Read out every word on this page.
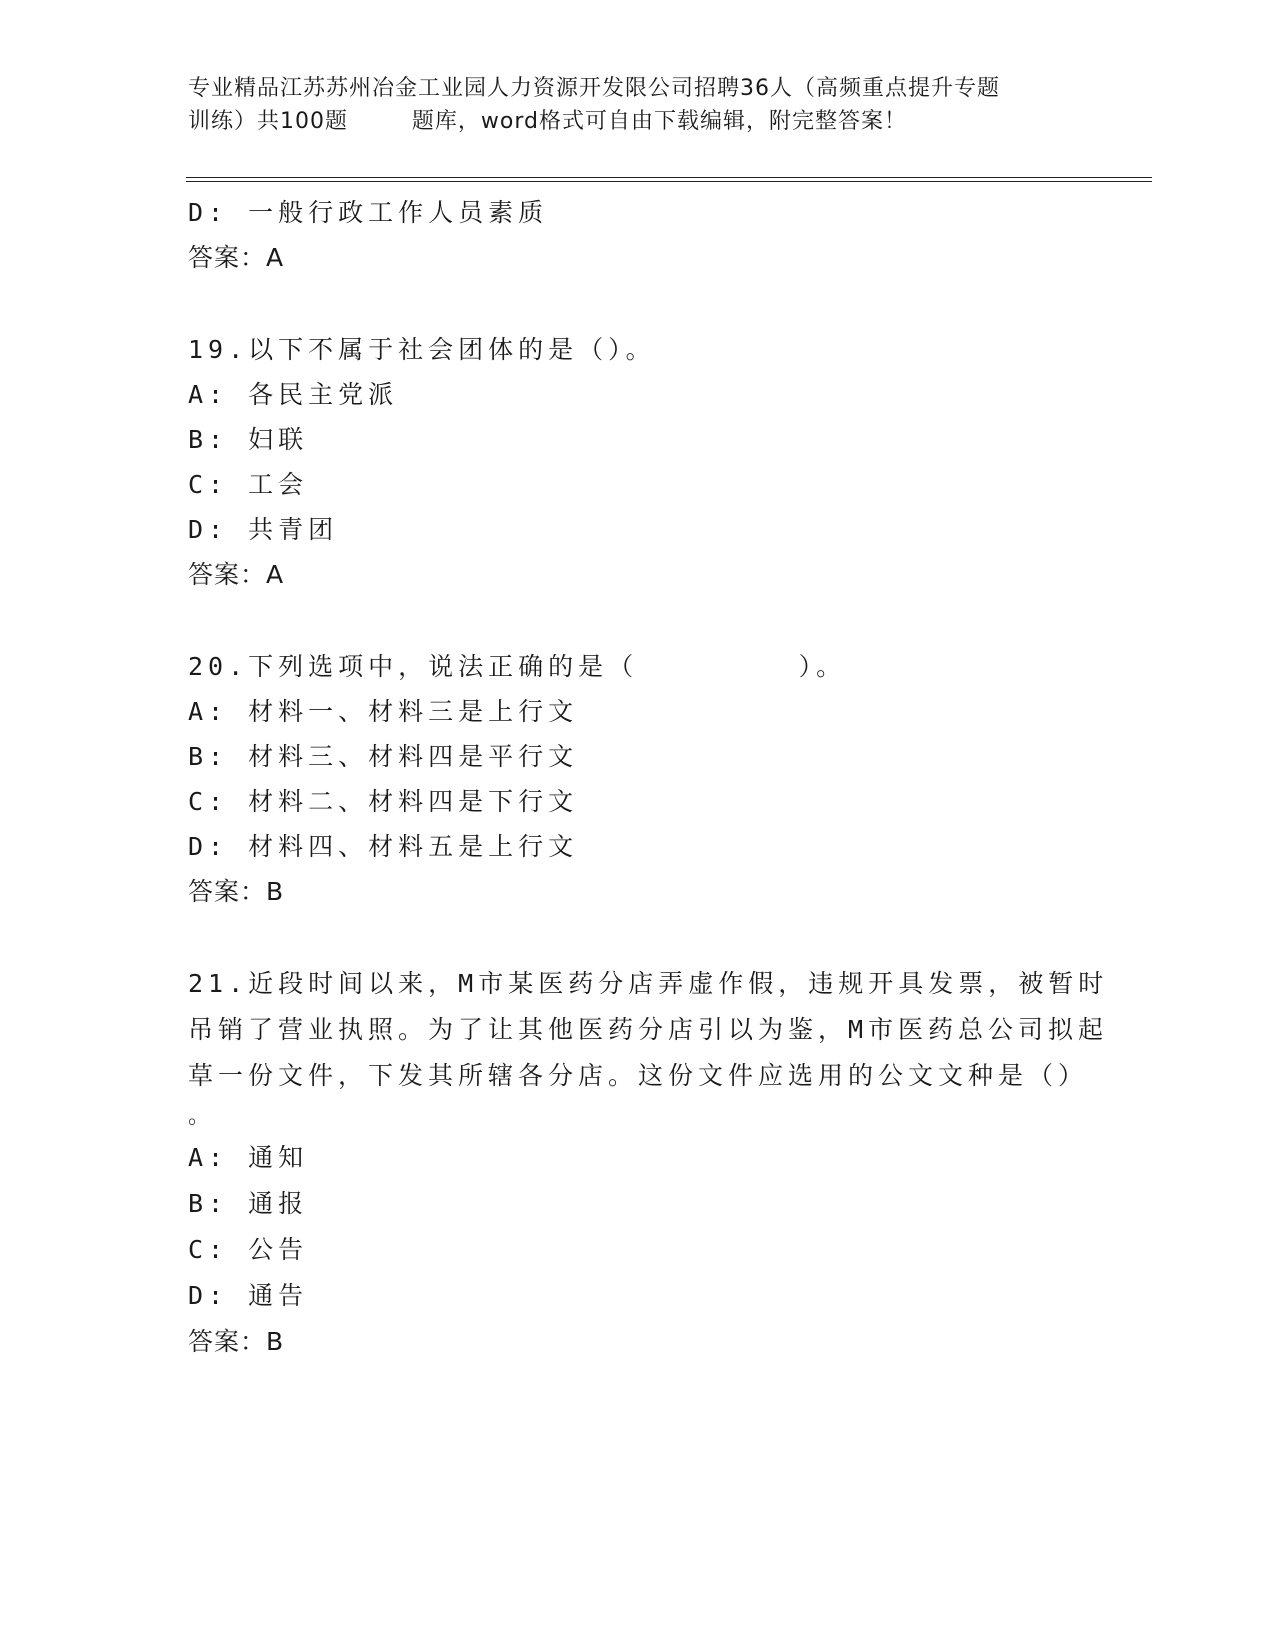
专业精品江苏苏州冶金工业园人力资源开发限公司招聘36人（高频重点提升专题
训练）共100题        题库，word格式可自由下载编辑，附完整答案！
D: 一般行政工作人员素质
答案：A
19.以下不属于社会团体的是（）。
A: 各民主党派
B: 妇联
C: 工会
D: 共青团
答案：A
20.下列选项中，说法正确的是（        ）。
A: 材料一、材料三是上行文
B: 材料三、材料四是平行文
C: 材料二、材料四是下行文
D: 材料四、材料五是上行文
答案：B
21.近段时间以来，M市某医药分店弄虚作假，违规开具发票，被暂时
吊销了营业执照。为了让其他医药分店引以为鉴，M市医药总公司拟起
草一份文件，下发其所辖各分店。这份文件应选用的公文文种是（）
。
A: 通知
B: 通报
C: 公告
D: 通告
答案：B
